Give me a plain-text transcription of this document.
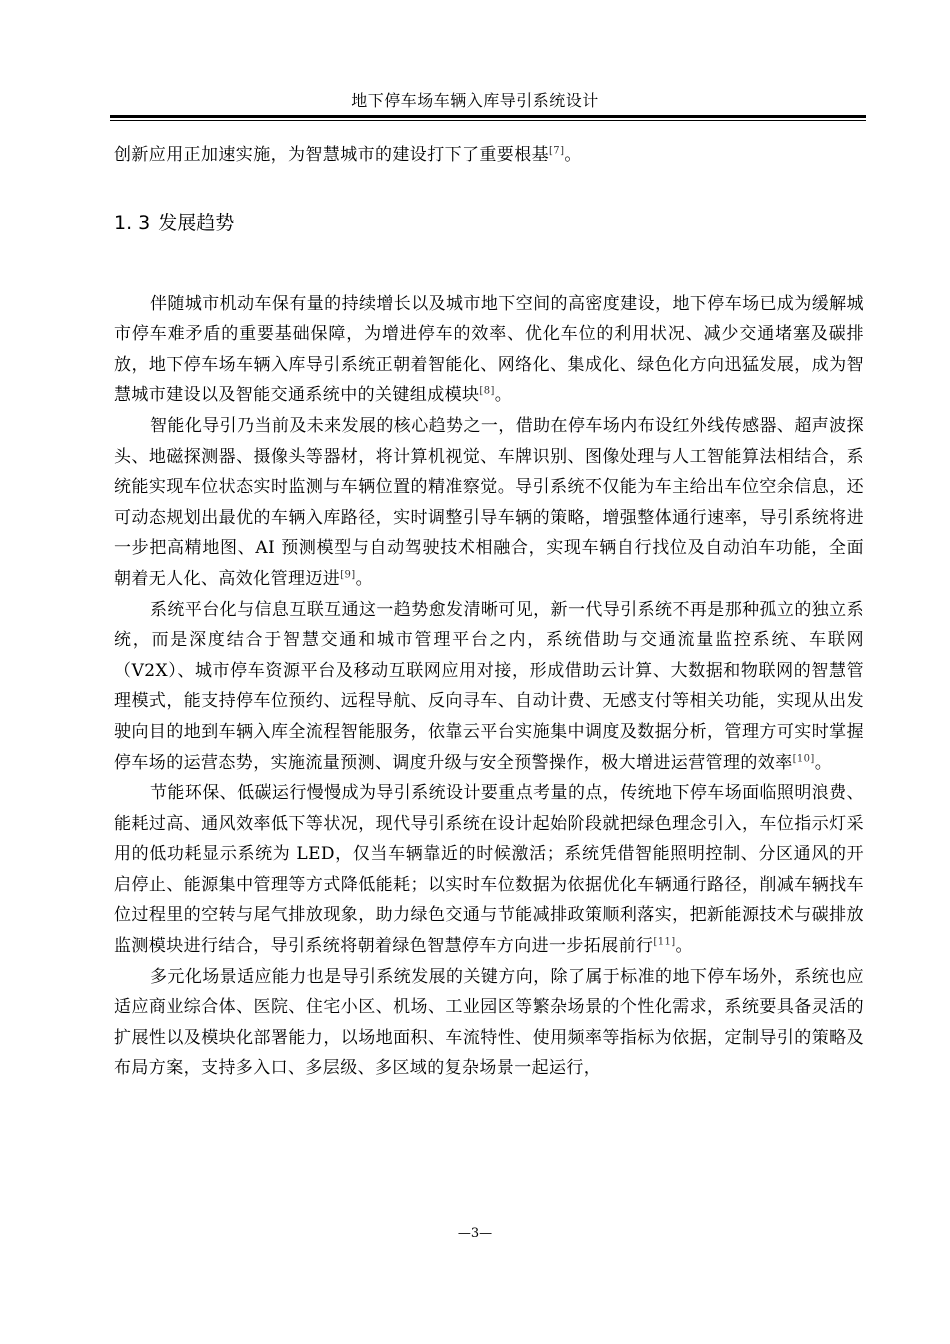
地下停车场车辆入库导引系统设计

创新应用正加速实施，为智慧城市的建设打下了重要根基[7]。

1. 3 发展趋势

伴随城市机动车保有量的持续增长以及城市地下空间的高密度建设，地下停车场已成为缓解城市停车难矛盾的重要基础保障，为增进停车的效率、优化车位的利用状况、减少交通堵塞及碳排放，地下停车场车辆入库导引系统正朝着智能化、网络化、集成化、绿色化方向迅猛发展，成为智慧城市建设以及智能交通系统中的关键组成模块[8]。

智能化导引乃当前及未来发展的核心趋势之一，借助在停车场内布设红外线传感器、超声波探头、地磁探测器、摄像头等器材，将计算机视觉、车牌识别、图像处理与人工智能算法相结合，系统能实现车位状态实时监测与车辆位置的精准察觉。导引系统不仅能为车主给出车位空余信息，还可动态规划出最优的车辆入库路径，实时调整引导车辆的策略，增强整体通行速率，导引系统将进一步把高精地图、AI 预测模型与自动驾驶技术相融合，实现车辆自行找位及自动泊车功能，全面朝着无人化、高效化管理迈进[9]。

系统平台化与信息互联互通这一趋势愈发清晰可见，新一代导引系统不再是那种孤立的独立系统，而是深度结合于智慧交通和城市管理平台之内，系统借助与交通流量监控系统、车联网（V2X）、城市停车资源平台及移动互联网应用对接，形成借助云计算、大数据和物联网的智慧管理模式，能支持停车位预约、远程导航、反向寻车、自动计费、无感支付等相关功能，实现从出发驶向目的地到车辆入库全流程智能服务，依靠云平台实施集中调度及数据分析，管理方可实时掌握停车场的运营态势，实施流量预测、调度升级与安全预警操作，极大增进运营管理的效率[10]。

节能环保、低碳运行慢慢成为导引系统设计要重点考量的点，传统地下停车场面临照明浪费、能耗过高、通风效率低下等状况，现代导引系统在设计起始阶段就把绿色理念引入，车位指示灯采用的低功耗显示系统为 LED，仅当车辆靠近的时候激活；系统凭借智能照明控制、分区通风的开启停止、能源集中管理等方式降低能耗；以实时车位数据为依据优化车辆通行路径，削减车辆找车位过程里的空转与尾气排放现象，助力绿色交通与节能减排政策顺利落实，把新能源技术与碳排放监测模块进行结合，导引系统将朝着绿色智慧停车方向进一步拓展前行[11]。

多元化场景适应能力也是导引系统发展的关键方向，除了属于标准的地下停车场外，系统也应适应商业综合体、医院、住宅小区、机场、工业园区等繁杂场景的个性化需求，系统要具备灵活的扩展性以及模块化部署能力，以场地面积、车流特性、使用频率等指标为依据，定制导引的策略及布局方案，支持多入口、多层级、多区域的复杂场景一起运行，

—3—
